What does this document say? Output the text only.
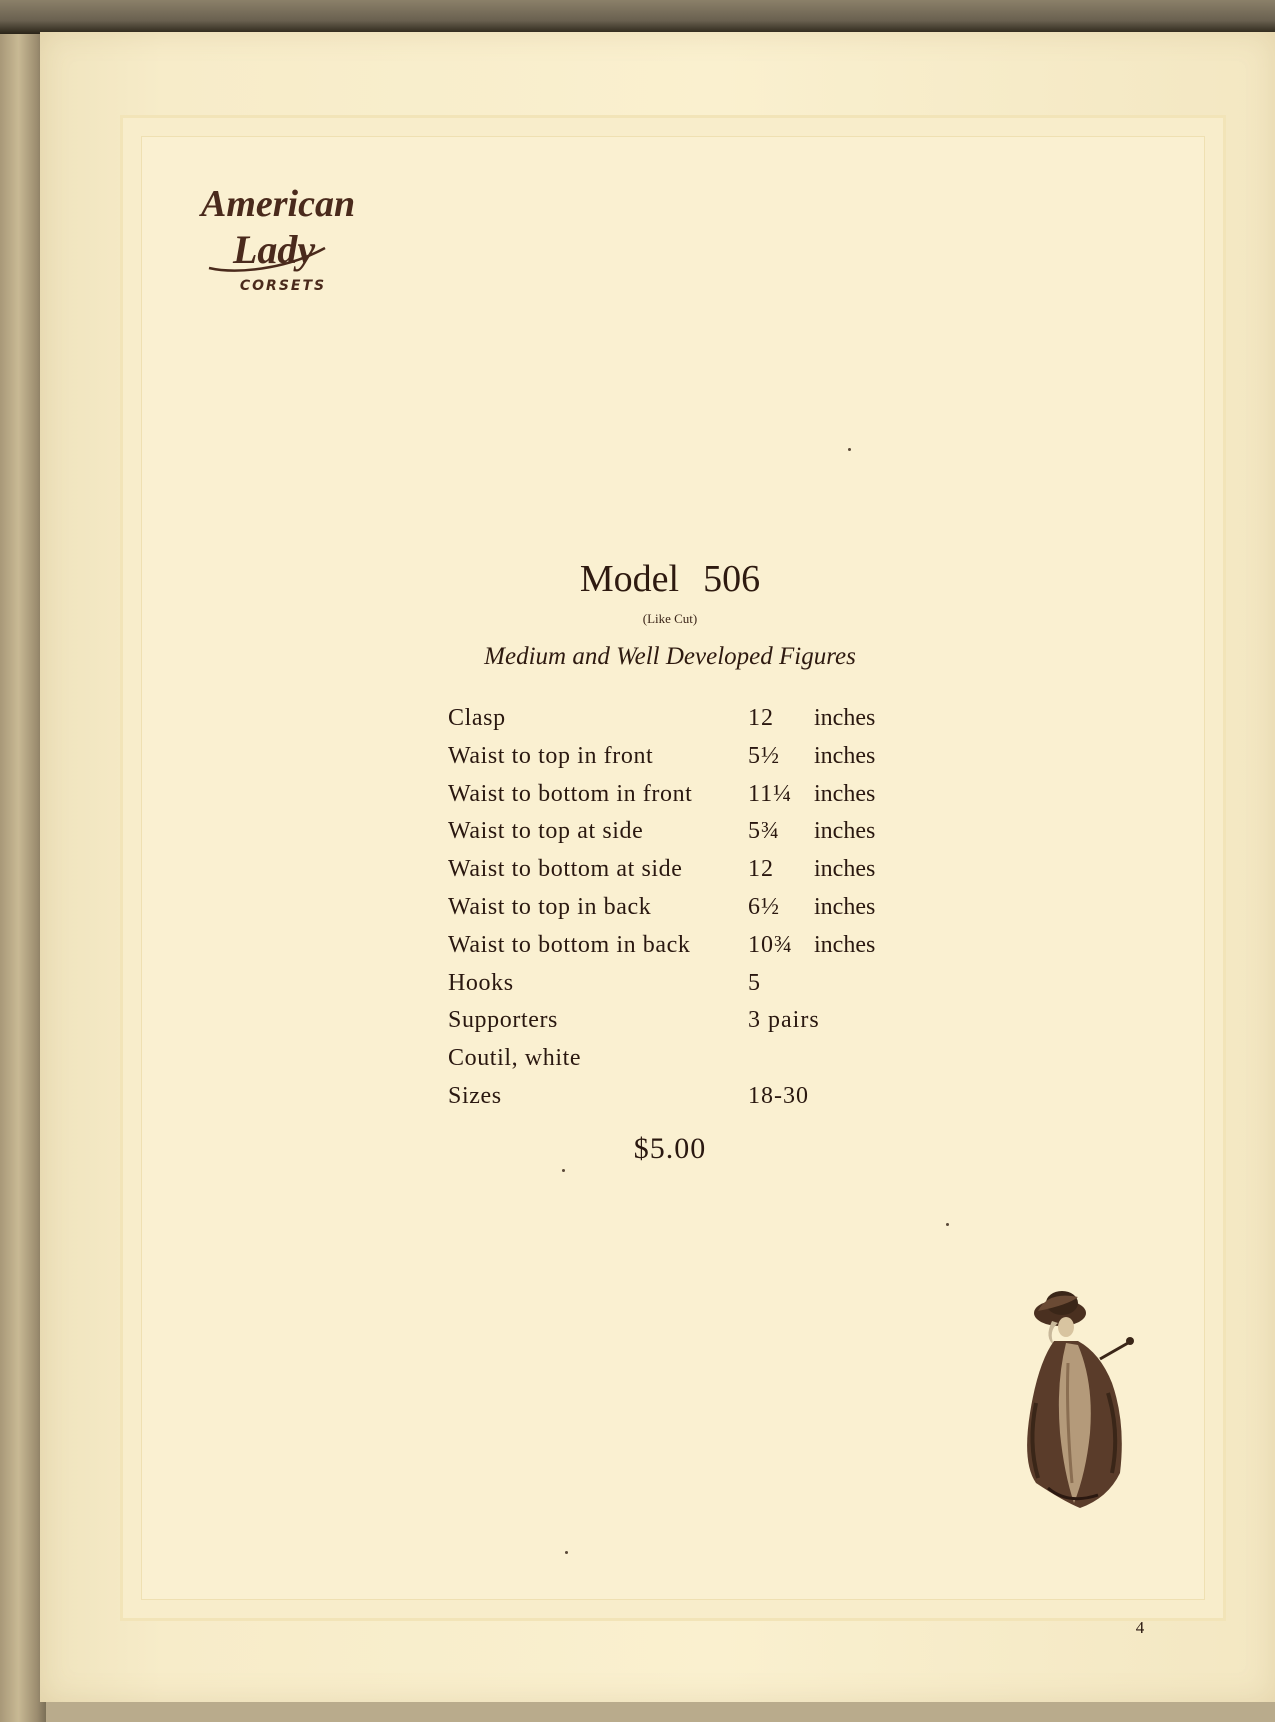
American
Lady
CORSETS
Model 506
(Like Cut)
Medium and Well Developed Figures
Clasp	12 inches
Waist to top in front	5½ inches
Waist to bottom in front 11¼ inches
Waist to top at side	5¾ inches
Waist to bottom at side	12 inches
Waist to top in back	6½ inches
Waist to bottom in back 10¾ inches
Hooks	5
Supporters	3 pairs
Coutil, white
Sizes	18-30
$5.00
4
